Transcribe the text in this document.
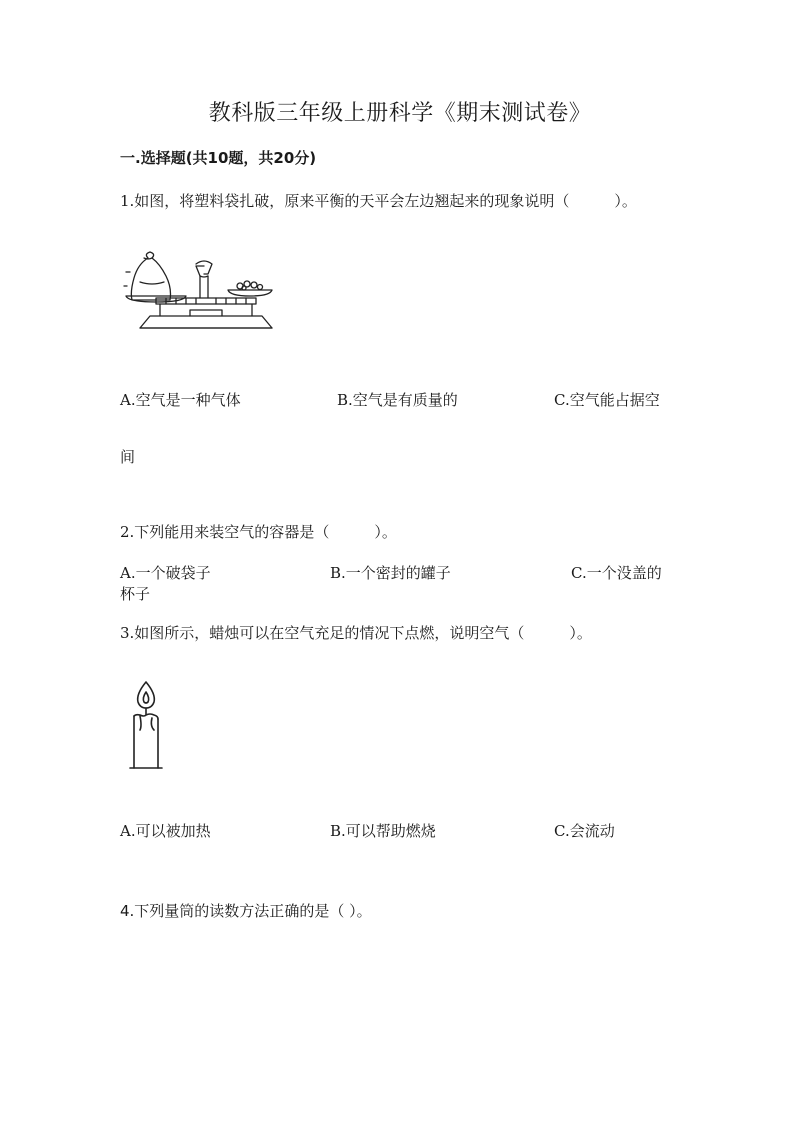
教科版三年级上册科学《期末测试卷》
一.选择题(共10题，共20分)
1.如图，将塑料袋扎破，原来平衡的天平会左边翘起来的现象说明（　　　）。
A.空气是一种气体	B.空气是有质量的	C.空气能占据空
间
2.下列能用来装空气的容器是（　　　）。
A.一个破袋子	B.一个密封的罐子	C.一个没盖的
杯子
3.如图所示，蜡烛可以在空气充足的情况下点燃，说明空气（　　　）。
A.可以被加热	B.可以帮助燃烧	C.会流动
4.下列量筒的读数方法正确的是（ ）。
